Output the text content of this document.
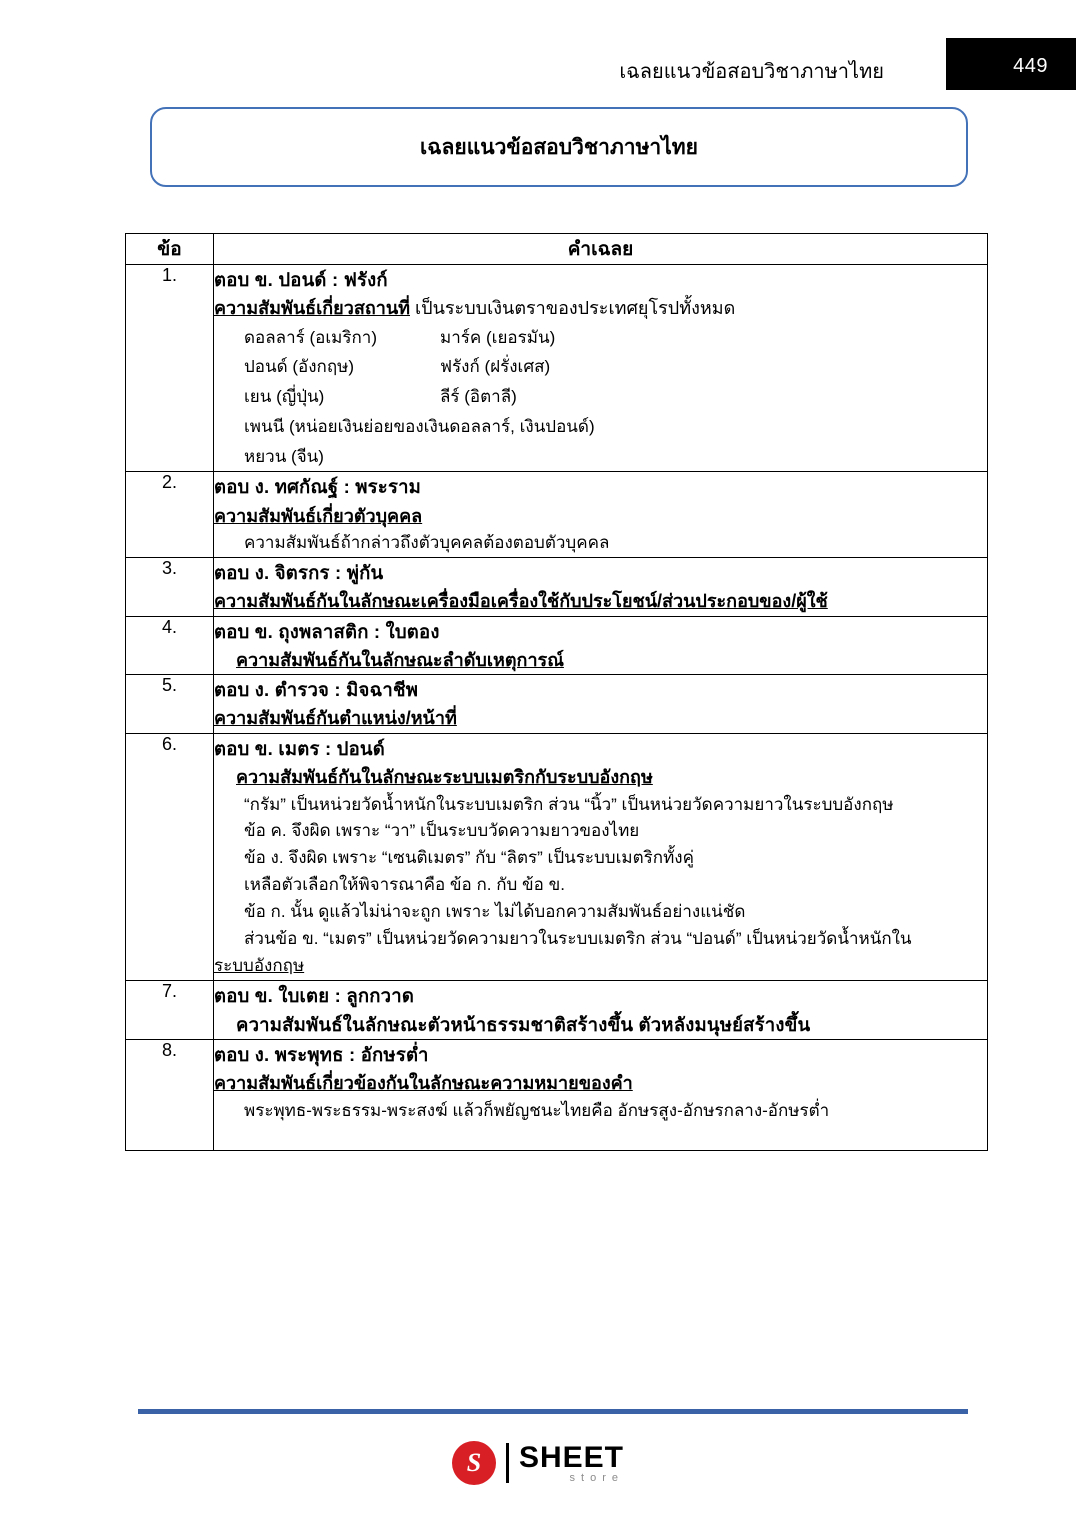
เฉลยแนวข้อสอบวิชาภาษาไทย	449
เฉลยแนวข้อสอบวิชาภาษาไทย
ข้อ	คำเฉลย
1.	ตอบ ข. ปอนด์ : ฟรังก์
ความสัมพันธ์เกี่ยวสถานที่ เป็นระบบเงินตราของประเทศยุโรปทั้งหมด
ดอลลาร์ (อเมริกา)	มาร์ค (เยอรมัน)
ปอนด์ (อังกฤษ)	ฟรังก์ (ฝรั่งเศส)
เยน (ญี่ปุ่น)	ลีร์ (อิตาลี)
เพนนี (หน่อยเงินย่อยของเงินดอลลาร์, เงินปอนด์)
หยวน (จีน)

2.	ตอบ ง. ทศกัณฐ์ : พระราม
ความสัมพันธ์เกี่ยวตัวบุคคล
ความสัมพันธ์ถ้ากล่าวถึงตัวบุคคลต้องตอบตัวบุคคล

3.	ตอบ ง. จิตรกร : พู่กัน
ความสัมพันธ์กันในลักษณะเครื่องมือเครื่องใช้กับประโยชน์/ส่วนประกอบของ/ผู้ใช้

4.	ตอบ ข. ถุงพลาสติก : ใบตอง
ความสัมพันธ์กันในลักษณะลำดับเหตุการณ์

5.	ตอบ ง. ตำรวจ : มิจฉาชีพ
ความสัมพันธ์กันตำแหน่ง/หน้าที่

6.	ตอบ ข. เมตร : ปอนด์
ความสัมพันธ์กันในลักษณะระบบเมตริกกับระบบอังกฤษ
“กรัม” เป็นหน่วยวัดน้ำหนักในระบบเมตริก ส่วน “นิ้ว” เป็นหน่วยวัดความยาวในระบบอังกฤษ
ข้อ ค. จึงผิด เพราะ “วา” เป็นระบบวัดความยาวของไทย
ข้อ ง. จึงผิด เพราะ “เซนติเมตร” กับ “ลิตร” เป็นระบบเมตริกทั้งคู่
เหลือตัวเลือกให้พิจารณาคือ ข้อ ก. กับ ข้อ ข.
ข้อ ก. นั้น ดูแล้วไม่น่าจะถูก เพราะ ไม่ได้บอกความสัมพันธ์อย่างแน่ชัด
ส่วนข้อ ข. “เมตร” เป็นหน่วยวัดความยาวในระบบเมตริก ส่วน “ปอนด์” เป็นหน่วยวัดน้ำหนักใน
ระบบอังกฤษ

7.	ตอบ ข. ใบเตย : ลูกกวาด
ความสัมพันธ์ในลักษณะตัวหน้าธรรมชาติสร้างขึ้น ตัวหลังมนุษย์สร้างขึ้น

8.	ตอบ ง. พระพุทธ : อักษรต่ำ
ความสัมพันธ์เกี่ยวข้องกันในลักษณะความหมายของคำ
พระพุทธ-พระธรรม-พระสงฆ์ แล้วก็พยัญชนะไทยคือ อักษรสูง-อักษรกลาง-อักษรต่ำ
S	SHEET
store
